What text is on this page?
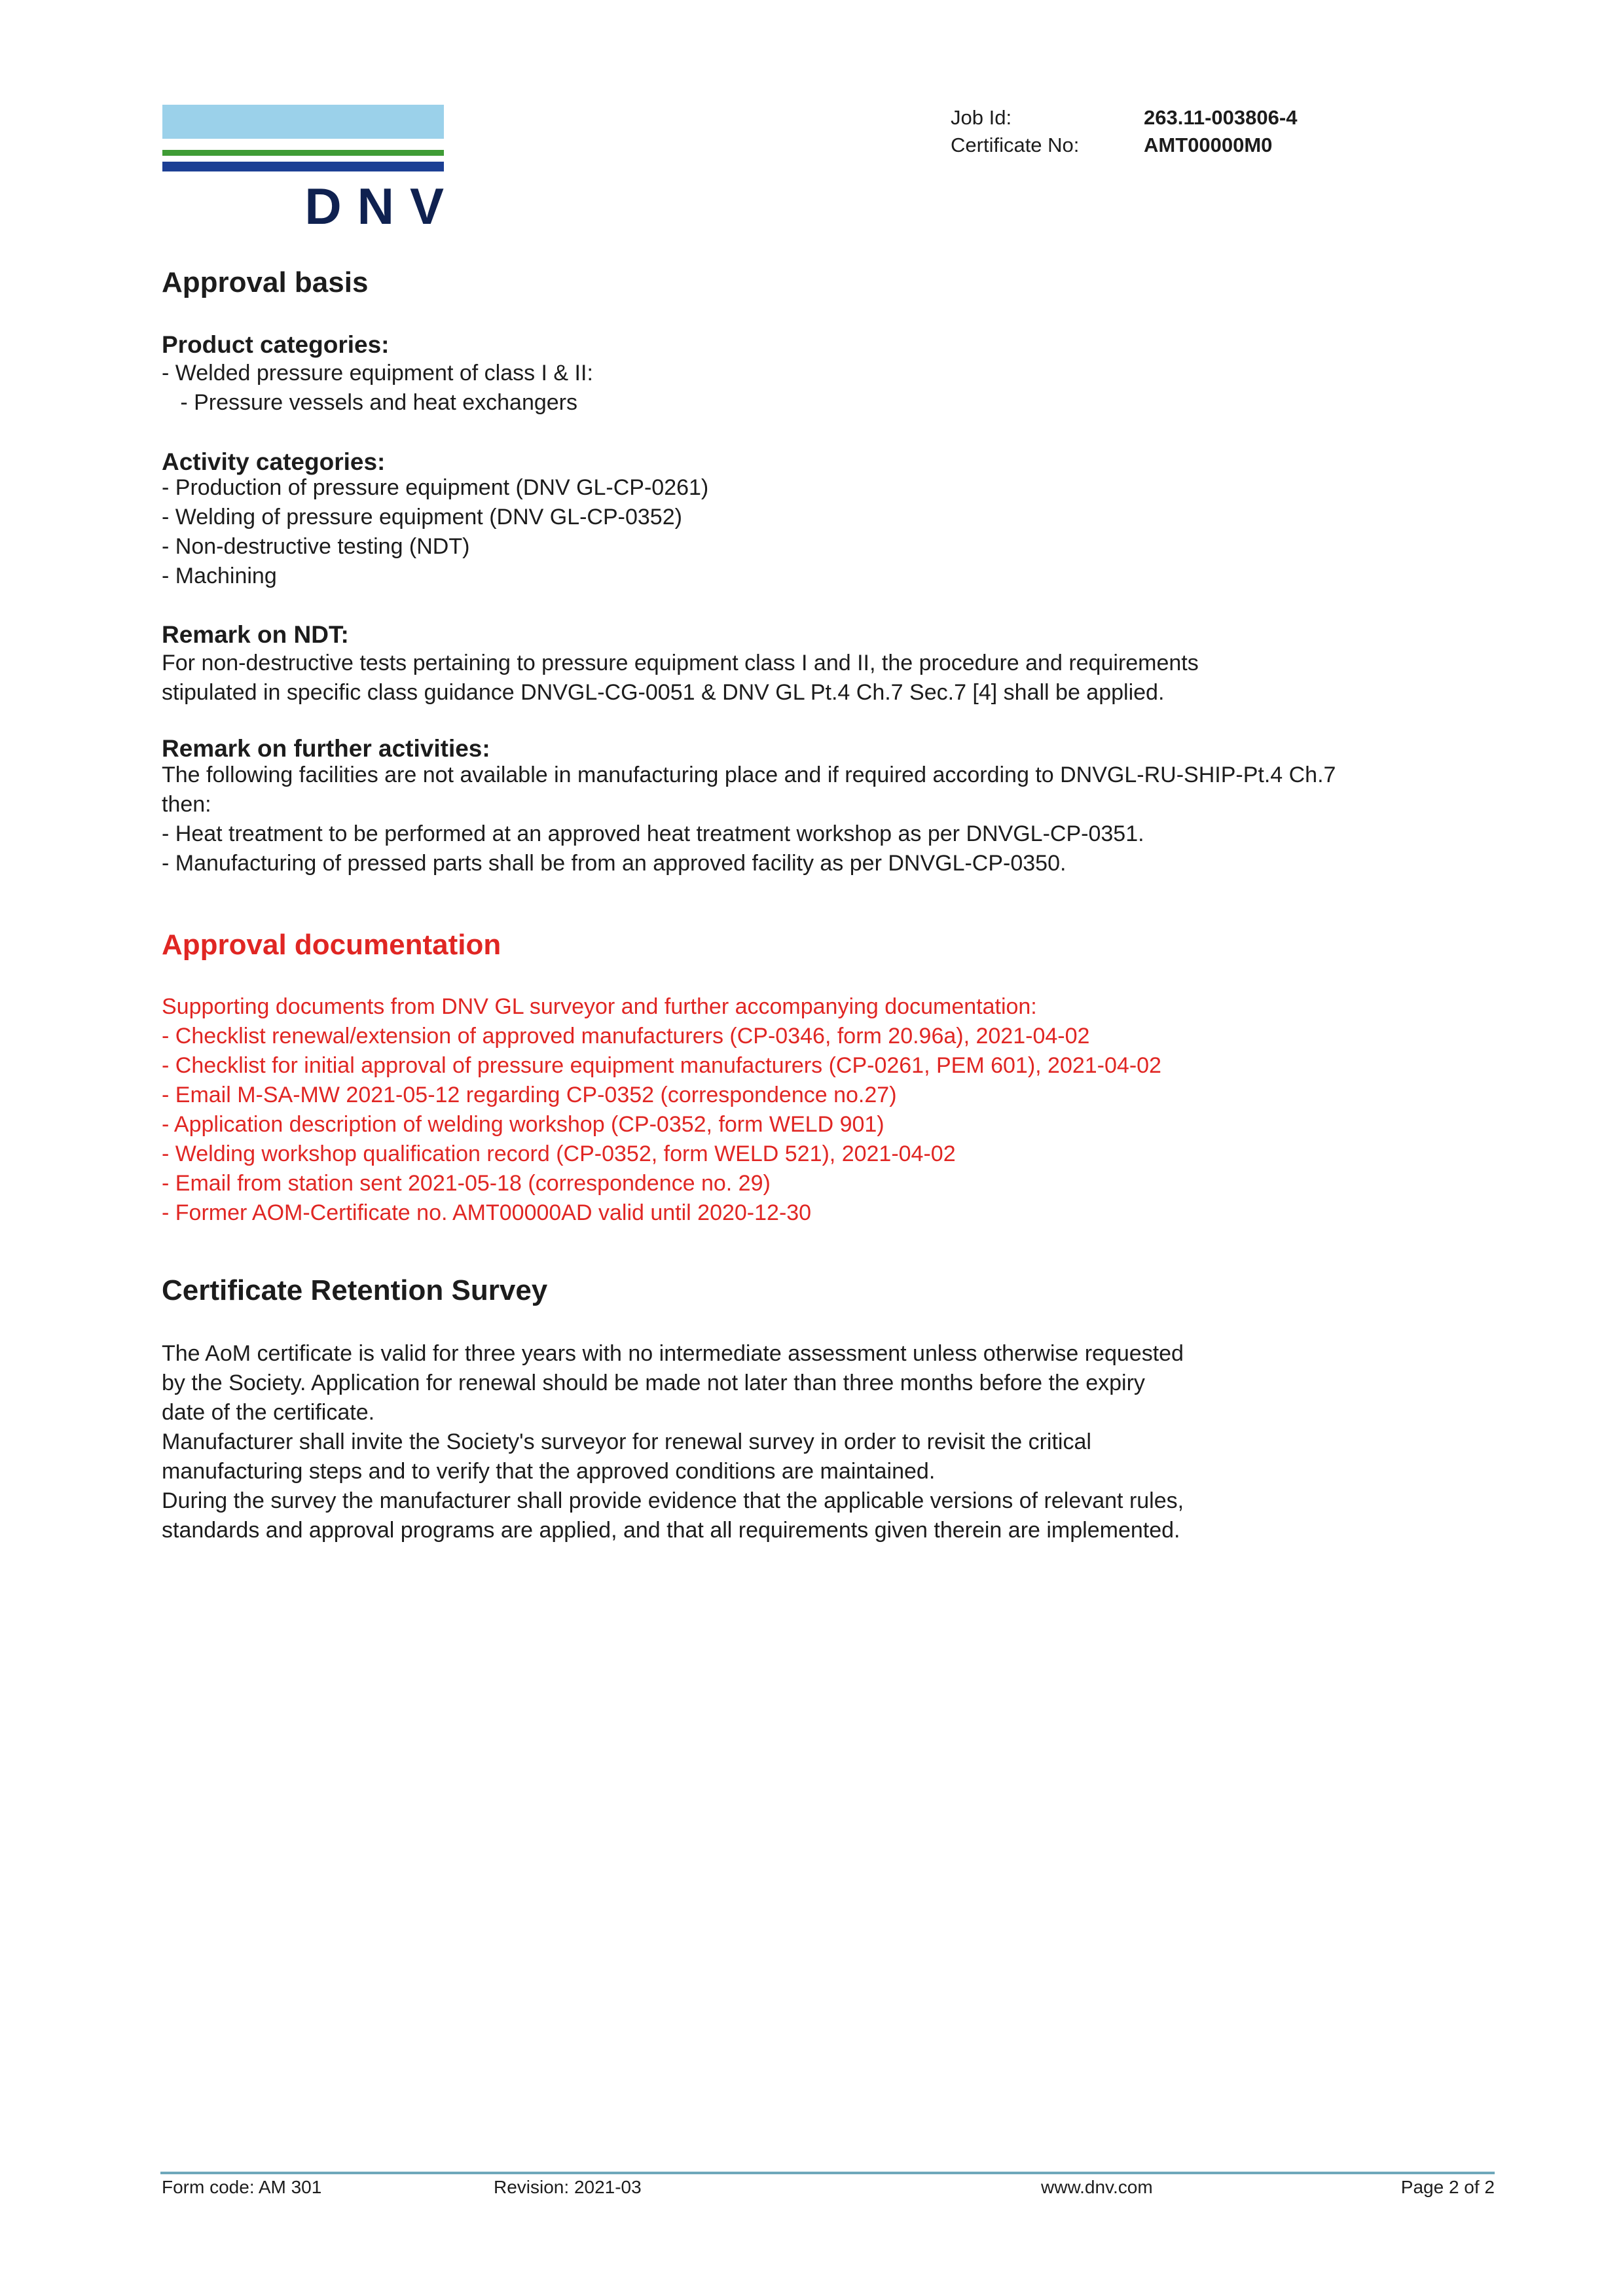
DNV
Job Id:	263.11-003806-4
Certificate No:	AMT00000M0
Approval basis
Product categories:
- Welded pressure equipment of class I & II:
- Pressure vessels and heat exchangers
Activity categories:
- Production of pressure equipment (DNV GL-CP-0261)
- Welding of pressure equipment (DNV GL-CP-0352)
- Non-destructive testing (NDT)
- Machining
Remark on NDT:
For non-destructive tests pertaining to pressure equipment class I and II, the procedure and requirements
stipulated in specific class guidance DNVGL-CG-0051 & DNV GL Pt.4 Ch.7 Sec.7 [4] shall be applied.
Remark on further activities:
The following facilities are not available in manufacturing place and if required according to DNVGL-RU-SHIP-Pt.4 Ch.7
then:
- Heat treatment to be performed at an approved heat treatment workshop as per DNVGL-CP-0351.
- Manufacturing of pressed parts shall be from an approved facility as per DNVGL-CP-0350.
Approval documentation
Supporting documents from DNV GL surveyor and further accompanying documentation:
- Checklist renewal/extension of approved manufacturers (CP-0346, form 20.96a), 2021-04-02
- Checklist for initial approval of pressure equipment manufacturers (CP-0261, PEM 601), 2021-04-02
- Email M-SA-MW 2021-05-12 regarding CP-0352 (correspondence no.27)
- Application description of welding workshop (CP-0352, form WELD 901)
- Welding workshop qualification record (CP-0352, form WELD 521), 2021-04-02
- Email from station sent 2021-05-18 (correspondence no. 29)
- Former AOM-Certificate no. AMT00000AD valid until 2020-12-30
Certificate Retention Survey
The AoM certificate is valid for three years with no intermediate assessment unless otherwise requested
by the Society. Application for renewal should be made not later than three months before the expiry
date of the certificate.
Manufacturer shall invite the Society's surveyor for renewal survey in order to revisit the critical
manufacturing steps and to verify that the approved conditions are maintained.
During the survey the manufacturer shall provide evidence that the applicable versions of relevant rules,
standards and approval programs are applied, and that all requirements given therein are implemented.
Form code: AM 301	Revision: 2021-03	www.dnv.com	Page 2 of 2
